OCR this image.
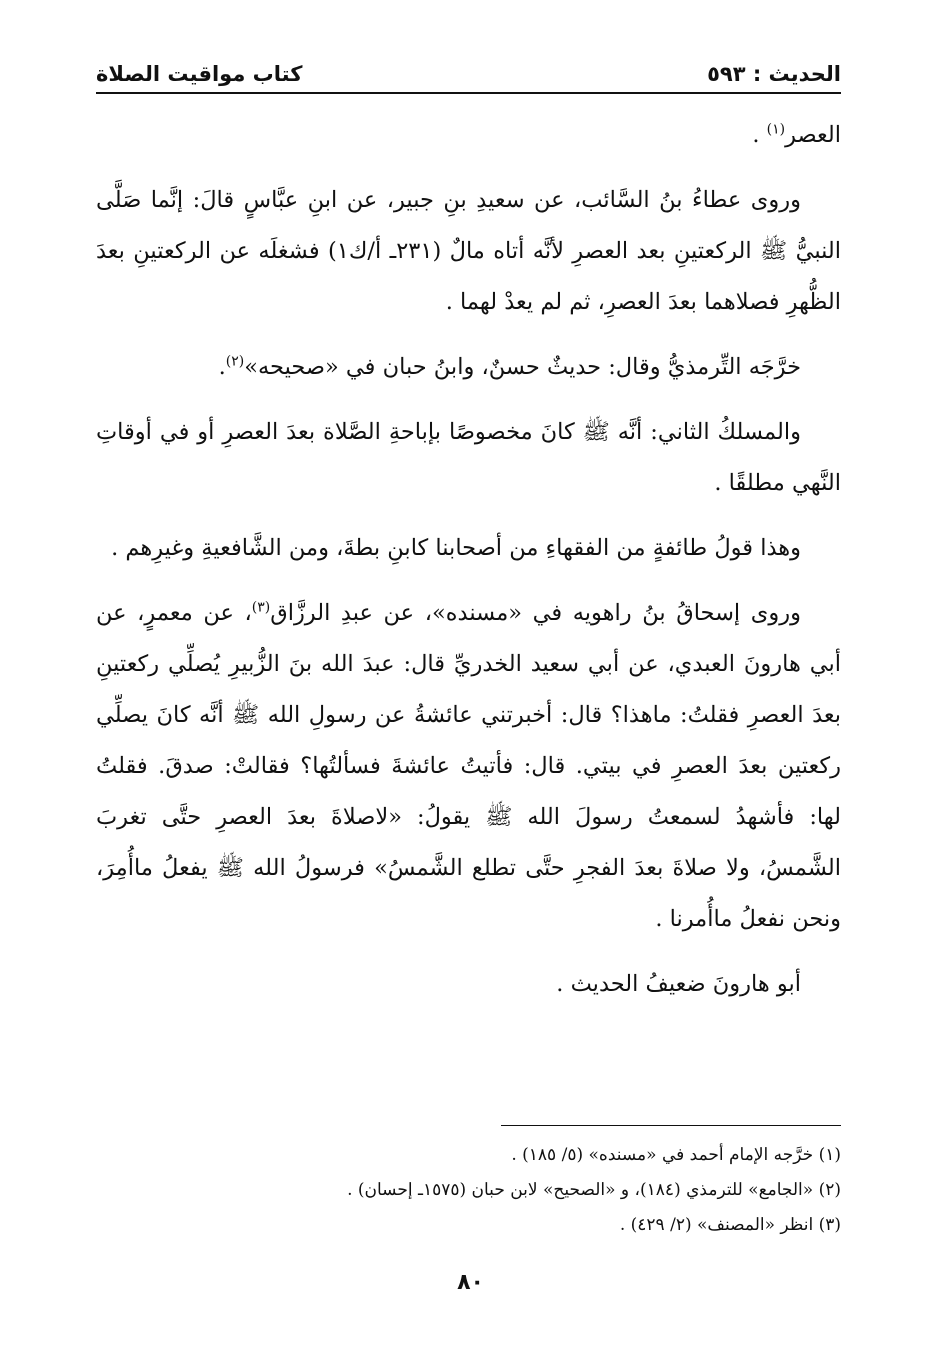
الحديث : ٥٩٣
كتاب مواقيت الصلاة

العصر$^{(١)}$ .

وروى عطاءُ بنُ السَّائب، عن سعيدِ بنِ جبير، عن ابنِ عبَّاسٍ قالَ: إنَّما صَلَّى النبيُّ ﷺ الركعتينِ بعد العصرِ لأنَّه أتاه مالٌ (٢٣١ـ أ/ك١) فشغلَه عن الركعتينِ بعدَ الظُّهرِ فصلاهما بعدَ العصرِ، ثم لم يعدْ لهما .

خرَّجَه التِّرمذيُّ وقال: حديثٌ حسنٌ، وابنُ حبان في «صحيحه»$^{(٢)}$.

والمسلكُ الثاني: أنَّه ﷺ كانَ مخصوصًا بإباحةِ الصَّلاة بعدَ العصرِ أو في أوقاتِ النَّهي مطلقًا .

وهذا قولُ طائفةٍ من الفقهاءِ من أصحابنا كابنِ بطةَ، ومن الشَّافعيةِ وغيرِهم .

وروى إسحاقُ بنُ راهويه في «مسنده»، عن عبدِ الرزَّاق$^{(٣)}$، عن معمرٍ، عن أبي هارونَ العبدي، عن أبي سعيد الخدريِّ قال: عبدَ الله بنَ الزُّبيرِ يُصلِّي ركعتينِ بعدَ العصرِ فقلتُ: ماهذا؟ قال: أخبرتني عائشةُ عن رسولِ الله ﷺ أنَّه كانَ يصلِّي ركعتين بعدَ العصرِ في بيتي. قال: فأتيتُ عائشةَ فسألتُها؟ فقالتْ: صدقَ. فقلتُ لها: فأشهدُ لسمعتُ رسولَ الله ﷺ يقولُ: «لاصلاةَ بعدَ العصرِ حتَّى تغربَ الشَّمسُ، ولا صلاةَ بعدَ الفجرِ حتَّى تطلع الشَّمسُ» فرسولُ الله ﷺ يفعلُ ماأُمِرَ، ونحن نفعلُ ماأُمرنا .

أبو هارونَ ضعيفُ الحديث .

(١) خرَّجه الإمام أحمد في «مسنده» (٥/ ١٨٥) .

(٢) «الجامع» للترمذي (١٨٤)، و «الصحيح» لابن حبان (١٥٧٥ـ إحسان) .

(٣) انظر «المصنف» (٢/ ٤٢٩) .

٨٠
